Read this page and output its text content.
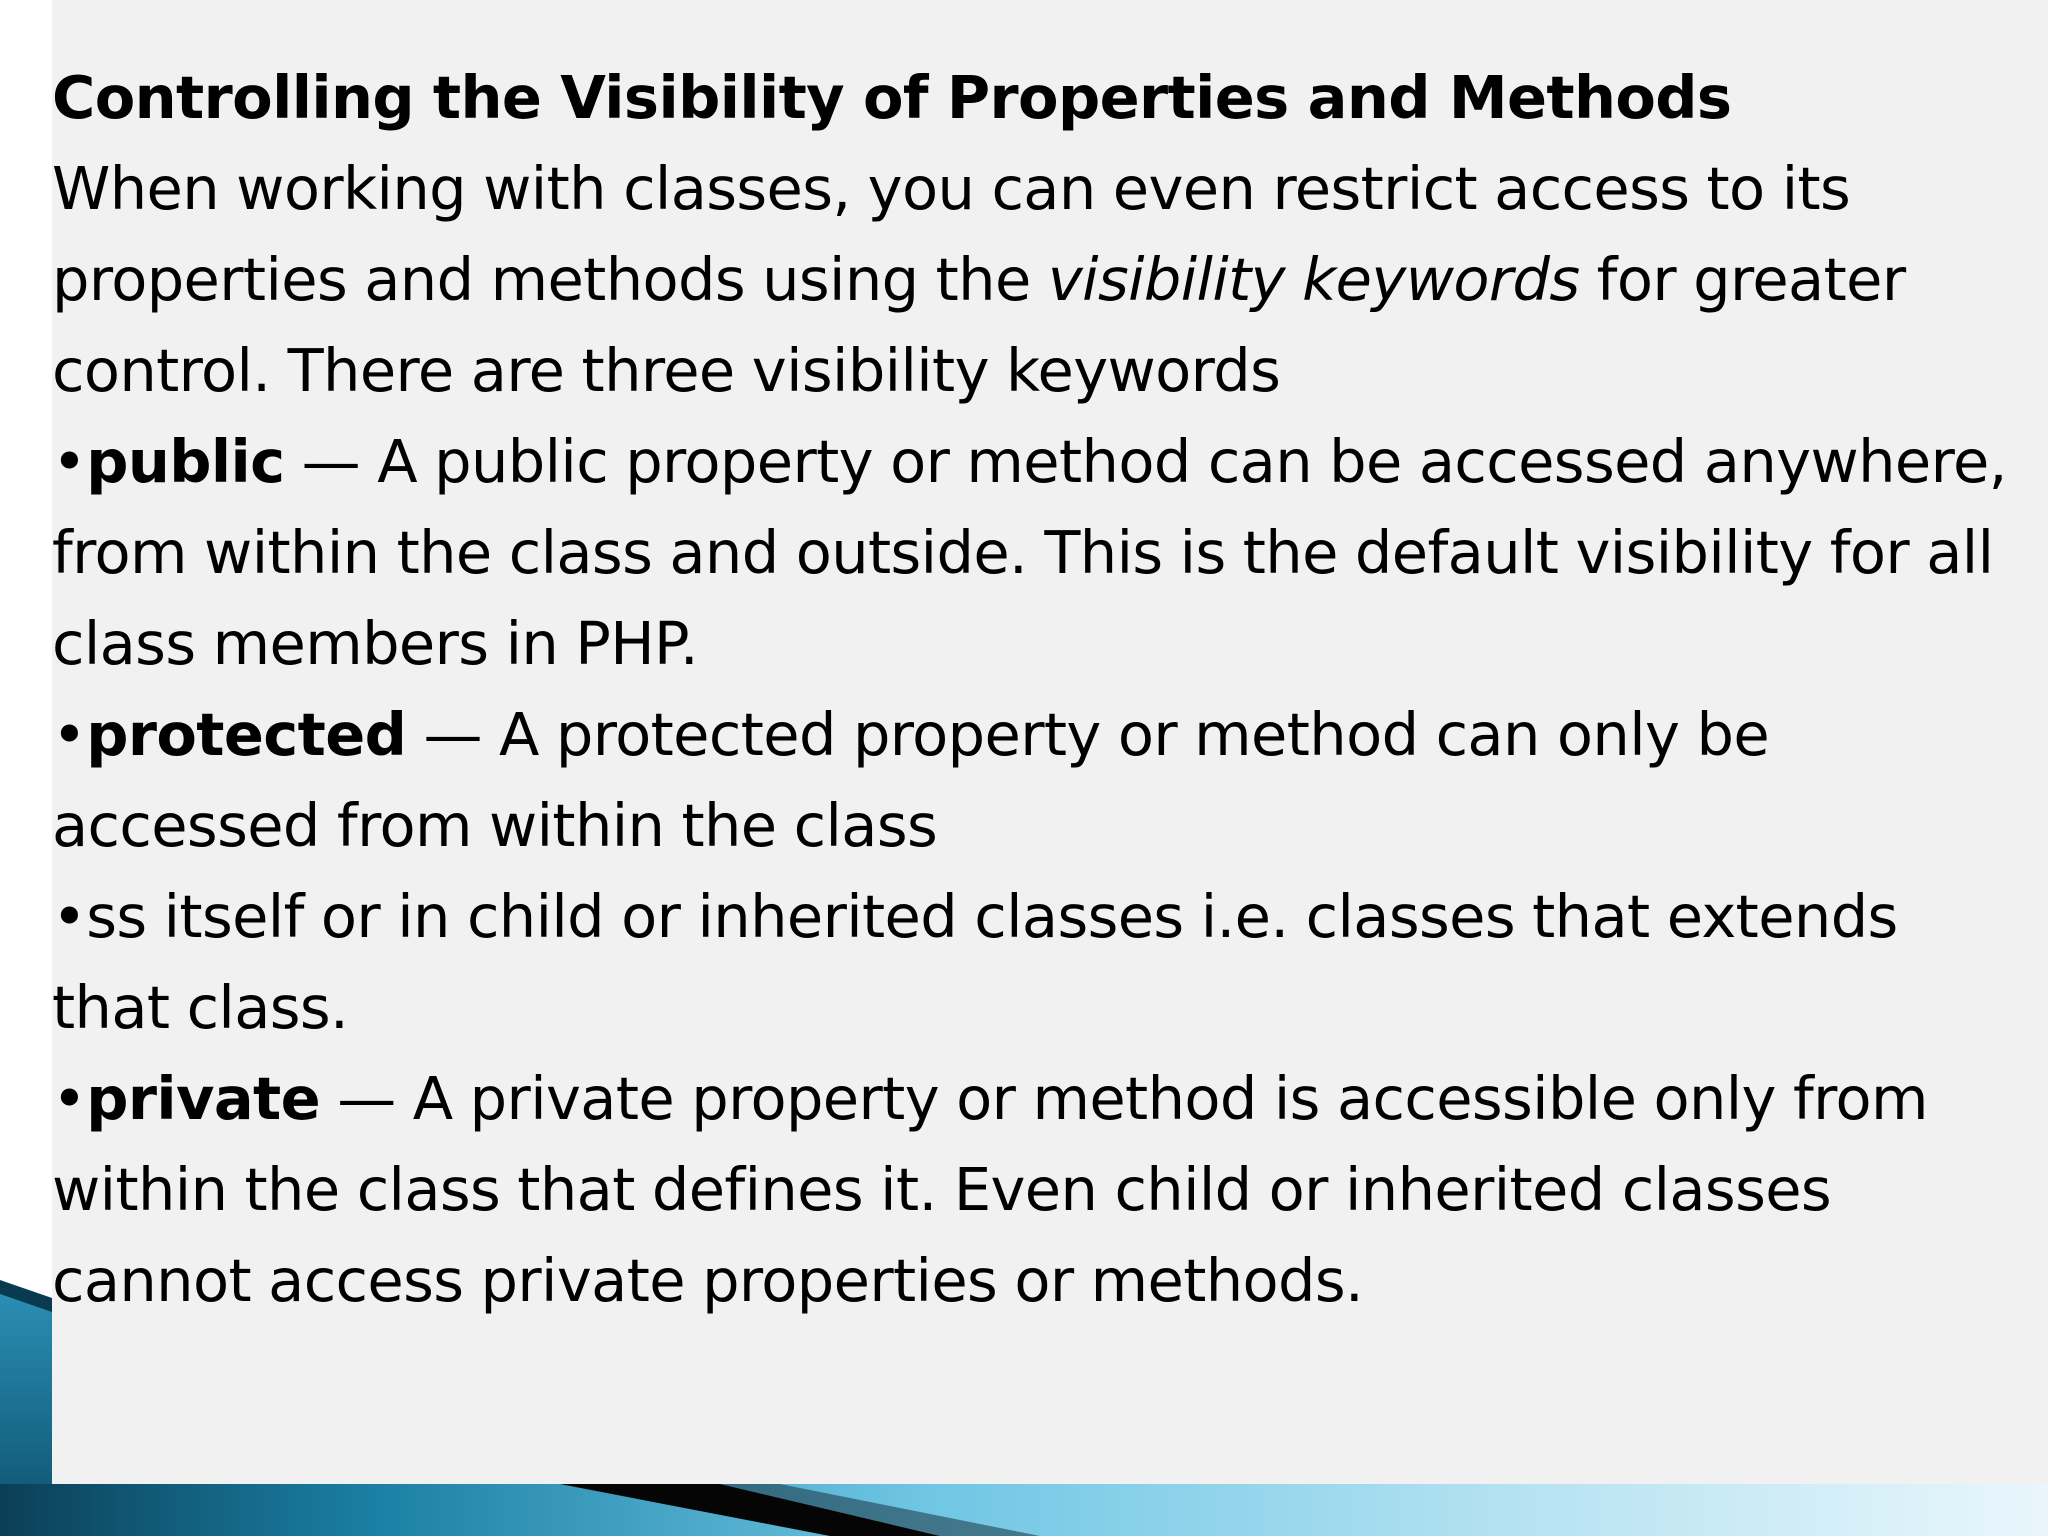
Controlling the Visibility of Properties and Methods

When working with classes, you can even restrict access to its properties and methods using the visibility keywords for greater control. There are three visibility keywords

•public — A public property or method can be accessed anywhere, from within the class and outside. This is the default visibility for all class members in PHP.

•protected — A protected property or method can only be accessed from within the class

•ss itself or in child or inherited classes i.e. classes that extends that class.

•private — A private property or method is accessible only from within the class that defines it. Even child or inherited classes cannot access private properties or methods.
